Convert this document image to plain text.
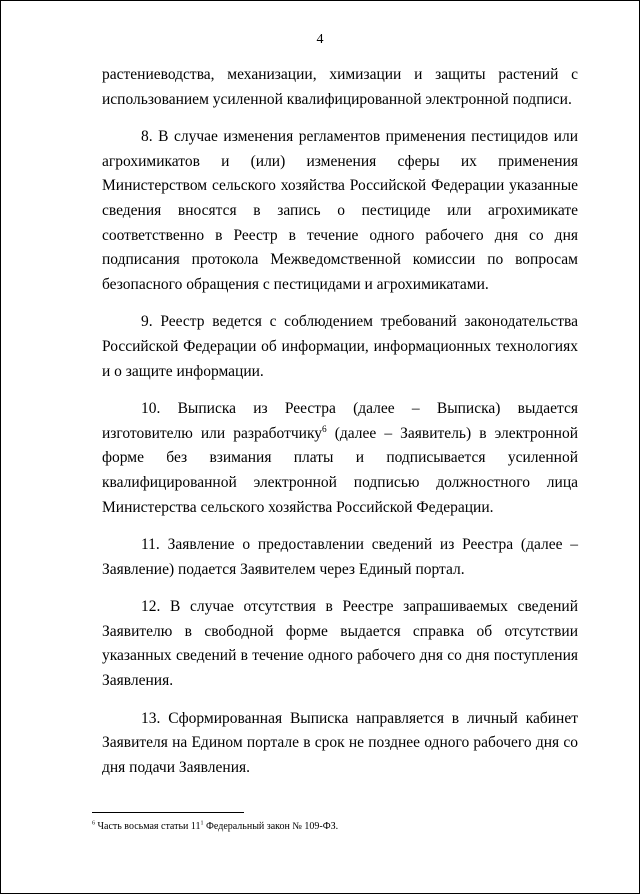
4

растениеводства, механизации, химизации и защиты растений с использованием усиленной квалифицированной электронной подписи.

8. В случае изменения регламентов применения пестицидов или агрохимикатов и (или) изменения сферы их применения Министерством сельского хозяйства Российской Федерации указанные сведения вносятся в запись о пестициде или агрохимикате соответственно в Реестр в течение одного рабочего дня со дня подписания протокола Межведомственной комиссии по вопросам безопасного обращения с пестицидами и агрохимикатами.

9. Реестр ведется с соблюдением требований законодательства Российской Федерации об информации, информационных технологиях и о защите информации.

10. Выписка из Реестра (далее – Выписка) выдается изготовителю или разработчику$^6$ (далее – Заявитель) в электронной форме без взимания платы и подписывается усиленной квалифицированной электронной подписью должностного лица Министерства сельского хозяйства Российской Федерации.

11. Заявление о предоставлении сведений из Реестра (далее – Заявление) подается Заявителем через Единый портал.

12. В случае отсутствия в Реестре запрашиваемых сведений Заявителю в свободной форме выдается справка об отсутствии указанных сведений в течение одного рабочего дня со дня поступления Заявления.

13. Сформированная Выписка направляется в личный кабинет Заявителя на Едином портале в срок не позднее одного рабочего дня со дня подачи Заявления.

$^6$ Часть восьмая статьи $11^1$ Федеральный закон № 109-ФЗ.
